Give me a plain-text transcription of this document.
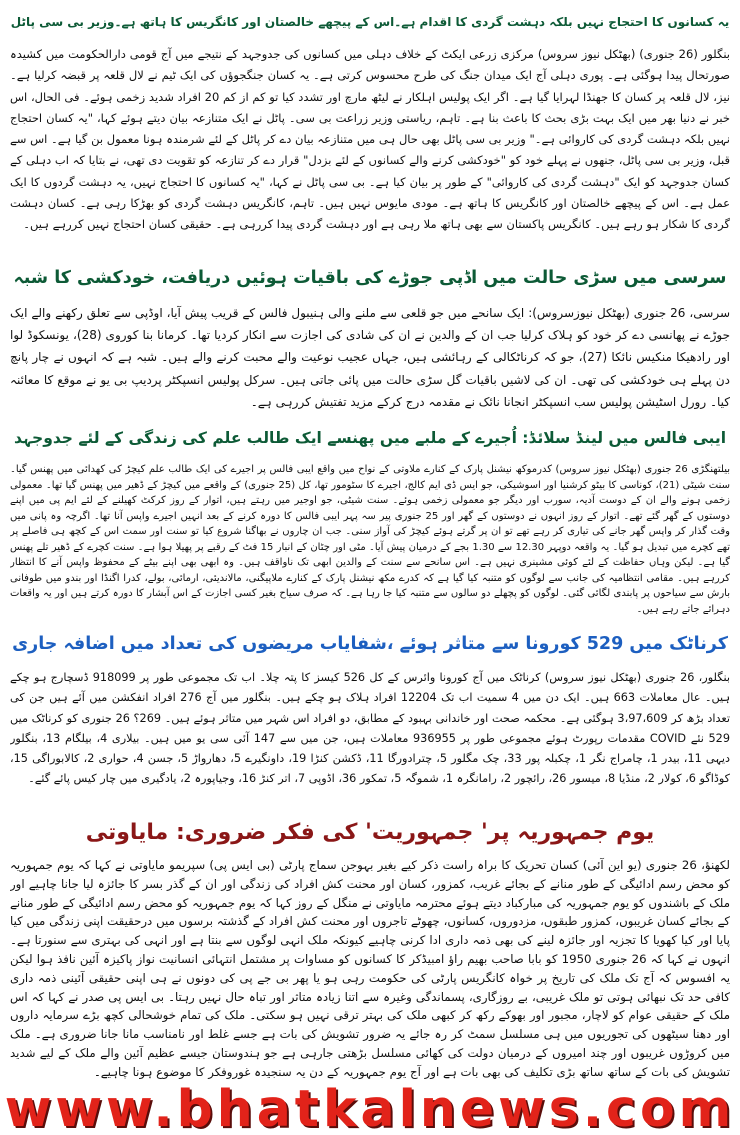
یہ کسانوں کا احتجاج نہیں بلکہ دہشت گردی کا اقدام ہے۔اس کے پیچھے خالصتان اور کانگریس کا ہاتھ ہے۔وزیر بی سی پاٹل

بنگلور (26 جنوری) (بھٹکل نیوز سروس) مرکزی زرعی ایکٹ کے خلاف دہلی میں کسانوں کی جدوجہد کے نتیجے میں آج قومی دارالحکومت میں کشیدہ صورتحال پیدا ہوگئی ہے۔ پوری دہلی آج ایک میدان جنگ کی طرح محسوس کرتی ہے۔ یہ کسان جنگجوؤں کی ایک ٹیم نے لال قلعہ پر قبضہ کرلیا ہے۔ نیز، لال قلعہ پر کسان کا جھنڈا لہرایا گیا ہے۔ اگر ایک پولیس اہلکار نے لیٹھ مارچ اور تشدد کیا تو کم از کم 20 افراد شدید زخمی ہوئے۔ فی الحال، اس خبر نے دنیا بھر میں ایک بہت بڑی بحث کا باعث بنا ہے۔ تاہم، ریاستی وزیر زراعت بی سی۔ پاٹل نے ایک متنازعہ بیان دیتے ہوئے کہا، "یہ کسان احتجاج نہیں بلکہ دہشت گردی کی کاروائی ہے۔" وزیر بی سی پاٹل بھی حال ہی میں متنازعہ بیان دے کر پاٹل کے لئے شرمندہ ہونا معمول بن گیا ہے۔ اس سے قبل، وزیر بی سی پاٹل، جنھوں نے پہلے خود کو "خودکشی کرنے والے کسانوں کے لئے بزدل" قرار دے کر تنازعہ کو تقویت دی تھی، نے بتایا کہ اب دہلی کے کسان جدوجہد کو ایک "دہشت گردی کی کاروائی" کے طور پر بیان کیا ہے۔ بی سی پاٹل نے کہا، "یہ کسانوں کا احتجاج نہیں، یہ دہشت گردوں کا ایک عمل ہے۔ اس کے پیچھے خالصتان اور کانگریس کا ہاتھ ہے۔ مودی مایوس نہیں ہیں۔ تاہم، کانگریس دہشت گردی کو بھڑکا رہی ہے۔ کسان دہشت گردی کا شکار ہو رہے ہیں۔ کانگریس پاکستان سے بھی ہاتھ ملا رہی ہے اور دہشت گردی پیدا کررہی ہے۔ حقیقی کسان احتجاج نہیں کررہے ہیں۔

سرسی میں سڑی حالت میں اڈپی جوڑے کی باقیات ہوئیں دریافت، خودکشی کا شبہ

سرسی، 26 جنوری (بھٹکل نیوزسروس): ایک سانحے میں جو قلعی سے ملنے والی ہنیبول فالس کے قریب پیش آیا، اوڈپی سے تعلق رکھنے والے ایک جوڑے نے پھانسی دے کر خود کو ہلاک کرلیا جب ان کے والدین نے ان کی شادی کی اجازت سے انکار کردیا تھا۔ کرمانا بنا کوروی (28)، یونسکوڈ لوا اور رادھیکا منکیس نائکا (27)، جو کہ کرناٹکالی کے رہائشی ہیں، جہاں عجیب نوعیت والے محبت کرنے والے ہیں۔ شبہ ہے کہ انہوں نے چار پانچ دن پہلے ہی خودکشی کی تھی۔ ان کی لاشیں باقیات گل سڑی حالت میں پائی جاتی ہیں۔ سرکل پولیس انسپکٹر پردیپ بی یو نے موقع کا معائنہ کیا۔ رورل اسٹیشن پولیس سب انسپکٹر انجانا نائک نے مقدمہ درج کرکے مزید تفتیش کررہی ہے۔

ایبی فالس میں لینڈ سلائڈ: اُجیرے کے ملبے میں پھنسے ایک طالب علم کی زندگی کے لئے جدوجہد

بیلتھنگڑی 26 جنوری (بھٹکل نیوز سروس) کدرموکھ نیشنل پارک کے کنارے ملاوتی کے نواح میں واقع ایبی فالس پر اجیرے کی ایک طالب علم کیچڑ کی کھدائی میں پھنس گیا۔ سنت شیٹی (21)، کوناسی کا بیٹو کرشنیا اور اسوشیکی، جو ایس ڈی ایم کالج، اجیرے کا سٹومور تھا، کل (25 جنوری) کے واقعے میں کیچڑ کے ڈھیر میں پھنس گیا تھا۔ معمولی زخمی ہونے والے ان کے دوست آدیہ، سورب اور دیگر جو معمولی زخمی ہوئے۔ سنت شیٹی، جو اوجیر میں رہتے ہیں، اتوار کے روز کرکٹ کھیلنے کے لئے ایم پی میں اپنے دوستوں کے گھر گئے تھے۔ اتوار کے روز انہوں نے دوستوں کے گھر اور 25 جنوری پیر سہ پہر ایبی فالس کا دورہ کرنے کے بعد انہیں اجیرے واپس آنا تھا۔ اگرچہ وہ پانی میں وقت گذار کر واپس گھر جانے کی تیاری کر رہے تھے تو ان پر گرتے ہوئے کیچڑ کی آواز سنی۔ جب ان چاروں نے بھاگنا شروع کیا تو سنت اور سمت اس کے کچھ ہی فاصلے پر تھے کچرے میں تبدیل ہو گیا۔ یہ واقعہ دوپہر 12.30 سے 1.30 بجے کے درمیان پیش آیا۔ مٹی اور چٹان کے انبار 15 فٹ کے رقبے پر پھیلا ہوا ہے۔ سنت کچرے کے ڈھیر تلے پھنس گیا ہے۔ لیکن وہاں حفاظت کے لئے کوئی مشینری نہیں ہے۔ اس سانحے سے سنت کے والدین ابھی تک ناواقف ہیں۔ وہ ابھی بھی اپنے بیٹے کے محفوظ واپس آنے کا انتظار کررہے ہیں۔ مقامی انتظامیہ کی جانب سے لوگوں کو متنبہ کیا گیا ہے کہ کدرے مکھ نیشنل پارک کے کنارے ملاپیگنی، مالاندیئی، ارمائی، بولے، کدرا اگنڈا اور بندو میں طوفانی بارش سے سیاحوں پر پابندی لگائی گئی۔ لوگوں کو پچھلے دو سالوں سے متنبہ کیا جا رہا ہے۔ کہ صرف سیاح بغیر کسی اجازت کے اس آبشار کا دورہ کرتے ہیں اور یہ واقعات دہرائے جاتے رہے ہیں۔

کرناٹک میں 529 کورونا سے متاثر ہوئے ،شفایاب مریضوں کی تعداد میں اضافہ جاری

بنگلور، 26 جنوری (بھٹکل نیوز سروس) کرناٹک میں آج کورونا وائرس کے کل 526 کیسز کا پتہ چلا۔ اب تک مجموعی طور پر 918099 ڈسچارج ہو چکے ہیں۔ عال معاملات 663 ہیں۔ ایک دن میں 4 سمیت اب تک 12204 افراد ہلاک ہو چکے ہیں۔ بنگلور میں آج 276 افراد انفکشن میں آئے ہیں جن کی تعداد بڑھ کر 3،97،609 ہوگئی ہے۔ محکمہ صحت اور خاندانی بہبود کے مطابق، دو افراد اس شہر میں متاثر ہوئے ہیں۔ 269؟ 26 جنوری کو کرناٹک میں 529 نئے COVID مقدمات رپورٹ ہوئے مجموعی طور پر 936955 معاملات ہیں، جن میں سے 147 آئی سی یو میں ہیں۔ بیلاری 4، بیلگام 13، بنگلور دیہی 11، بیدر 1، چامراج نگر 1، چکبلہ پور 33، چک مگلور 5، چترادورگا 11، ڈکشن کنڑا 19، داونگیرے 5، دھارواڑ 5، جسن 4، حواری 2، کالابوراگی 15، کوڈاگو 6، کولار 2، منڈیا 8، میسور 26، رائچور 2، رامانگرہ 1، شموگہ 5، تمکور 36، اڈوپی 7، اتر کنڑ 16، وجیاپورہ 2، یادگیری میں چار کیس پائے گئے۔

یوم جمہوریہ پر' جمہوریت' کی فکر ضروری: مایاوتی

لکھنؤ، 26 جنوری (یو این آئی) کسان تحریک کا براہ راست ذکر کیے بغیر بہوجن سماج پارٹی (بی ایس پی) سپریمو مایاوتی نے کہا کہ یوم جمہوریہ کو محض رسم ادائیگی کے طور منانے کے بجائے غریب، کمزور، کسان اور محنت کش افراد کی زندگی اور ان کے گذر بسر کا جائزہ لیا جانا چاہیے اور ملک کے باشندوں کو یوم جمہوریہ کی مبارکباد دیتے ہوئے محترمہ مایاوتی نے منگل کے روز کہا کہ یوم جمہوریہ کو محض رسم ادائیگی کے طور منانے کے بجائے کسان غریبوں، کمزور طبقوں، مزدوروں، کسانوں، چھوٹے تاجروں اور محنت کش افراد کے گذشتہ برسوں میں درحقیقت اپنی زندگی میں کیا پایا اور کیا کھویا کا تجزیہ اور جائزہ لینے کی بھی ذمہ داری ادا کرنی چاہیے کیونکہ ملک انہی لوگوں سے بنتا ہے اور انہی کی بہتری سے سنورتا ہے۔ انہوں نے کہا کہ 26 جنوری 1950 کو بابا صاحب بھیم راؤ امبیڈکر کا کسانوں کو مساوات پر مشتمل انتہائی انسانیت نواز پاکیزہ آئین نافذ ہوا لیکن یہ افسوس کہ آج تک ملک کی تاریخ پر خواہ کانگریس پارٹی کی حکومت رہی ہو یا پھر بی جے پی کی دونوں نے ہی اپنی حقیقی آئینی ذمہ داری کافی حد تک نبھائی ہوتی تو ملک غریبی، بے روزگاری، پسماندگی وغیرہ سے اتنا زیادہ متاثر اور تباہ حال نہیں رہتا۔ بی ایس پی صدر نے کہا کہ اس ملک کے حقیقی عوام کو لاچار، مجبور اور بھوکے رکھ کر کبھی ملک کی بہتر ترقی نہیں ہو سکتی۔ ملک کی تمام خوشحالی کچھ بڑے سرمایہ داروں اور دھنا سیٹھوں کی تجوریوں میں ہی مسلسل سمٹ کر رہ جائے یہ ضرور تشویش کی بات ہے جسے غلط اور نامناسب مانا جانا ضروری ہے۔ ملک میں کروڑوں غریبوں اور چند امیروں کے درمیان دولت کی کھائی مسلسل بڑھتی جارہی ہے جو ہندوستان جیسے عظیم آئین والے ملک کے لیے شدید تشویش کی بات کے ساتھ ساتھ بڑی تکلیف کی بھی بات ہے اور آج یوم جمہوریہ کے دن یہ سنجیدہ غوروفکر کا موضوع ہونا چاہیے۔

www.bhatkalnews.com
